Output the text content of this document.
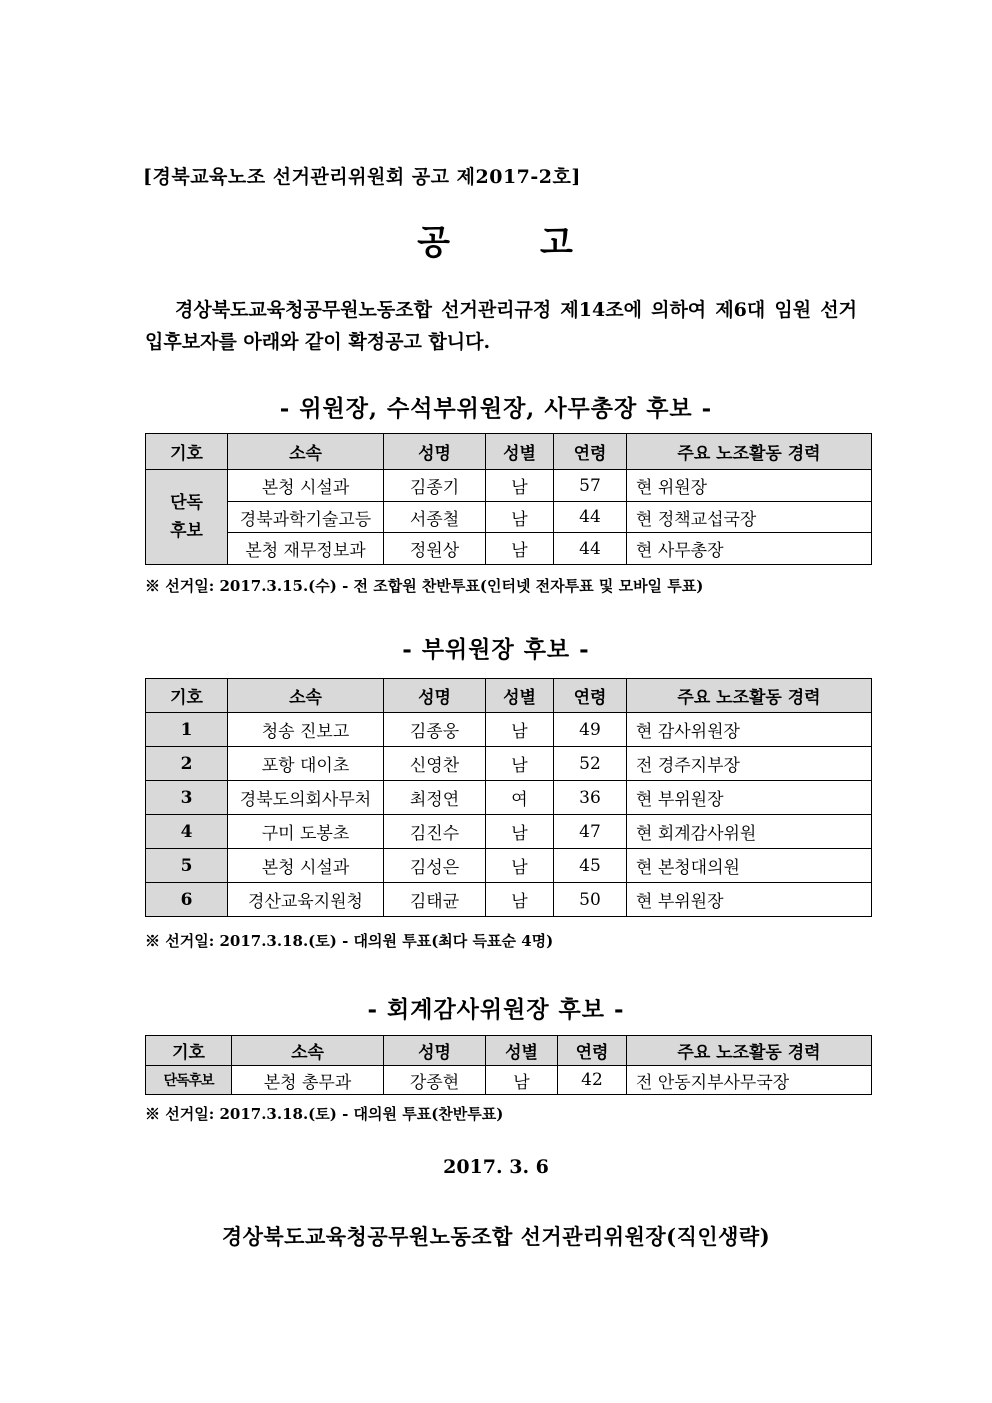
[경북교육노조 선거관리위원회 공고 제2017-2호]
공	고
경상북도교육청공무원노동조합 선거관리규정 제14조에 의하여 제6대 임원 선거 입후보자를 아래와 같이 확정공고 합니다.
- 위원장, 수석부위원장, 사무총장 후보 -
기호	소속	성명	성별	연령	주요 노조활동 경력
단독
후보	본청 시설과	김종기	남	57	현 위원장
	경북과학기술고등	서종철	남	44	현 정책교섭국장
	본청 재무정보과	정원상	남	44	현 사무총장
※ 선거일: 2017.3.15.(수) - 전 조합원 찬반투표(인터넷 전자투표 및 모바일 투표)
- 부위원장 후보 -
기호	소속	성명	성별	연령	주요 노조활동 경력
1	청송 진보고	김종웅	남	49	현 감사위원장
2	포항 대이초	신영찬	남	52	전 경주지부장
3	경북도의회사무처	최정연	여	36	현 부위원장
4	구미 도봉초	김진수	남	47	현 회계감사위원
5	본청 시설과	김성은	남	45	현 본청대의원
6	경산교육지원청	김태균	남	50	현 부위원장
※ 선거일: 2017.3.18.(토) - 대의원 투표(최다 득표순 4명)
- 회계감사위원장 후보 -
기호	소속	성명	성별	연령	주요 노조활동 경력
단독후보	본청 총무과	강종현	남	42	전 안동지부사무국장
※ 선거일: 2017.3.18.(토) - 대의원 투표(찬반투표)
2017. 3. 6
경상북도교육청공무원노동조합 선거관리위원장(직인생략)
